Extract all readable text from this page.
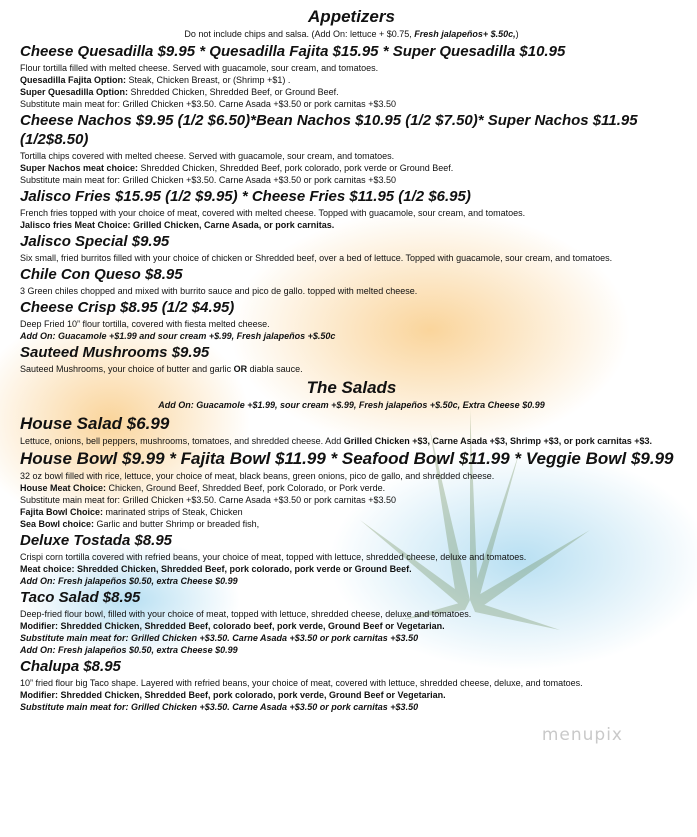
Appetizers

Do not include chips and salsa. (Add On: lettuce + $0.75, Fresh jalapeños+ $.50c,)

Cheese Quesadilla $9.95 * Quesadilla Fajita $15.95 * Super Quesadilla $10.95

Flour tortilla filled with melted cheese. Served with guacamole, sour cream, and tomatoes.

Quesadilla Fajita Option: Steak, Chicken Breast, or (Shrimp +$1) .

Super Quesadilla Option: Shredded Chicken, Shredded Beef, or Ground Beef.

Substitute main meat for: Grilled Chicken +$3.50. Carne Asada +$3.50 or pork carnitas +$3.50

Cheese Nachos $9.95 (1/2 $6.50)*Bean Nachos $10.95 (1/2 $7.50)* Super Nachos $11.95 (1/2$8.50)

Tortilla chips covered with melted cheese. Served with guacamole, sour cream, and tomatoes.

Super Nachos meat choice: Shredded Chicken, Shredded Beef, pork colorado, pork verde or Ground Beef.

Substitute main meat for: Grilled Chicken +$3.50. Carne Asada +$3.50 or pork carnitas +$3.50

Jalisco Fries $15.95 (1/2 $9.95) * Cheese Fries $11.95 (1/2 $6.95)

French fries topped with your choice of meat, covered with melted cheese. Topped with guacamole, sour cream, and tomatoes.

Jalisco fries Meat Choice: Grilled Chicken, Carne Asada, or pork carnitas.

Jalisco Special $9.95

Six small, fried burritos filled with your choice of chicken or Shredded beef, over a bed of lettuce. Topped with guacamole, sour cream, and tomatoes.

Chile Con Queso $8.95

3 Green chiles chopped and mixed with burrito sauce and pico de gallo. topped with melted cheese.

Cheese Crisp $8.95 (1/2 $4.95)

Deep Fried 10” flour tortilla, covered with fiesta melted cheese.

Add On: Guacamole +$1.99 and sour cream +$.99, Fresh jalapeños +$.50c

Sauteed Mushrooms $9.95

Sauteed Mushrooms, your choice of butter and garlic OR diabla sauce.

The Salads

Add On: Guacamole +$1.99, sour cream +$.99, Fresh jalapeños +$.50c, Extra Cheese $0.99

House Salad $6.99

Lettuce, onions, bell peppers, mushrooms, tomatoes, and shredded cheese. Add Grilled Chicken +$3, Carne Asada +$3, Shrimp +$3, or pork carnitas +$3.

House Bowl $9.99 * Fajita Bowl $11.99 * Seafood Bowl $11.99 * Veggie Bowl $9.99

32 oz bowl filled with rice, lettuce, your choice of meat, black beans, green onions, pico de gallo, and shredded cheese.

House Meat Choice: Chicken, Ground Beef, Shredded Beef, pork Colorado, or Pork verde.

Substitute main meat for: Grilled Chicken +$3.50. Carne Asada +$3.50 or pork carnitas +$3.50

Fajita Bowl Choice: marinated strips of Steak, Chicken

Sea Bowl choice: Garlic and butter Shrimp or breaded fish,

Deluxe Tostada $8.95

Crispi corn tortilla covered with refried beans, your choice of meat, topped with lettuce, shredded cheese, deluxe and tomatoes.

Meat choice: Shredded Chicken, Shredded Beef, pork colorado, pork verde or Ground Beef.

Add On: Fresh jalapeños $0.50, extra Cheese $0.99

Taco Salad $8.95

Deep-fried flour bowl, filled with your choice of meat, topped with lettuce, shredded cheese, deluxe and tomatoes.

Modifier: Shredded Chicken, Shredded Beef, colorado beef, pork verde, Ground Beef or Vegetarian.

Substitute main meat for: Grilled Chicken +$3.50. Carne Asada +$3.50 or pork carnitas +$3.50

Add On: Fresh jalapeños $0.50, extra Cheese $0.99

Chalupa $8.95

10” fried flour big Taco shape. Layered with refried beans, your choice of meat, covered with lettuce, shredded cheese, deluxe, and tomatoes.

Modifier: Shredded Chicken, Shredded Beef, pork colorado, pork verde, Ground Beef or Vegetarian.

Substitute main meat for: Grilled Chicken +$3.50. Carne Asada +$3.50 or pork carnitas +$3.50

menupix
